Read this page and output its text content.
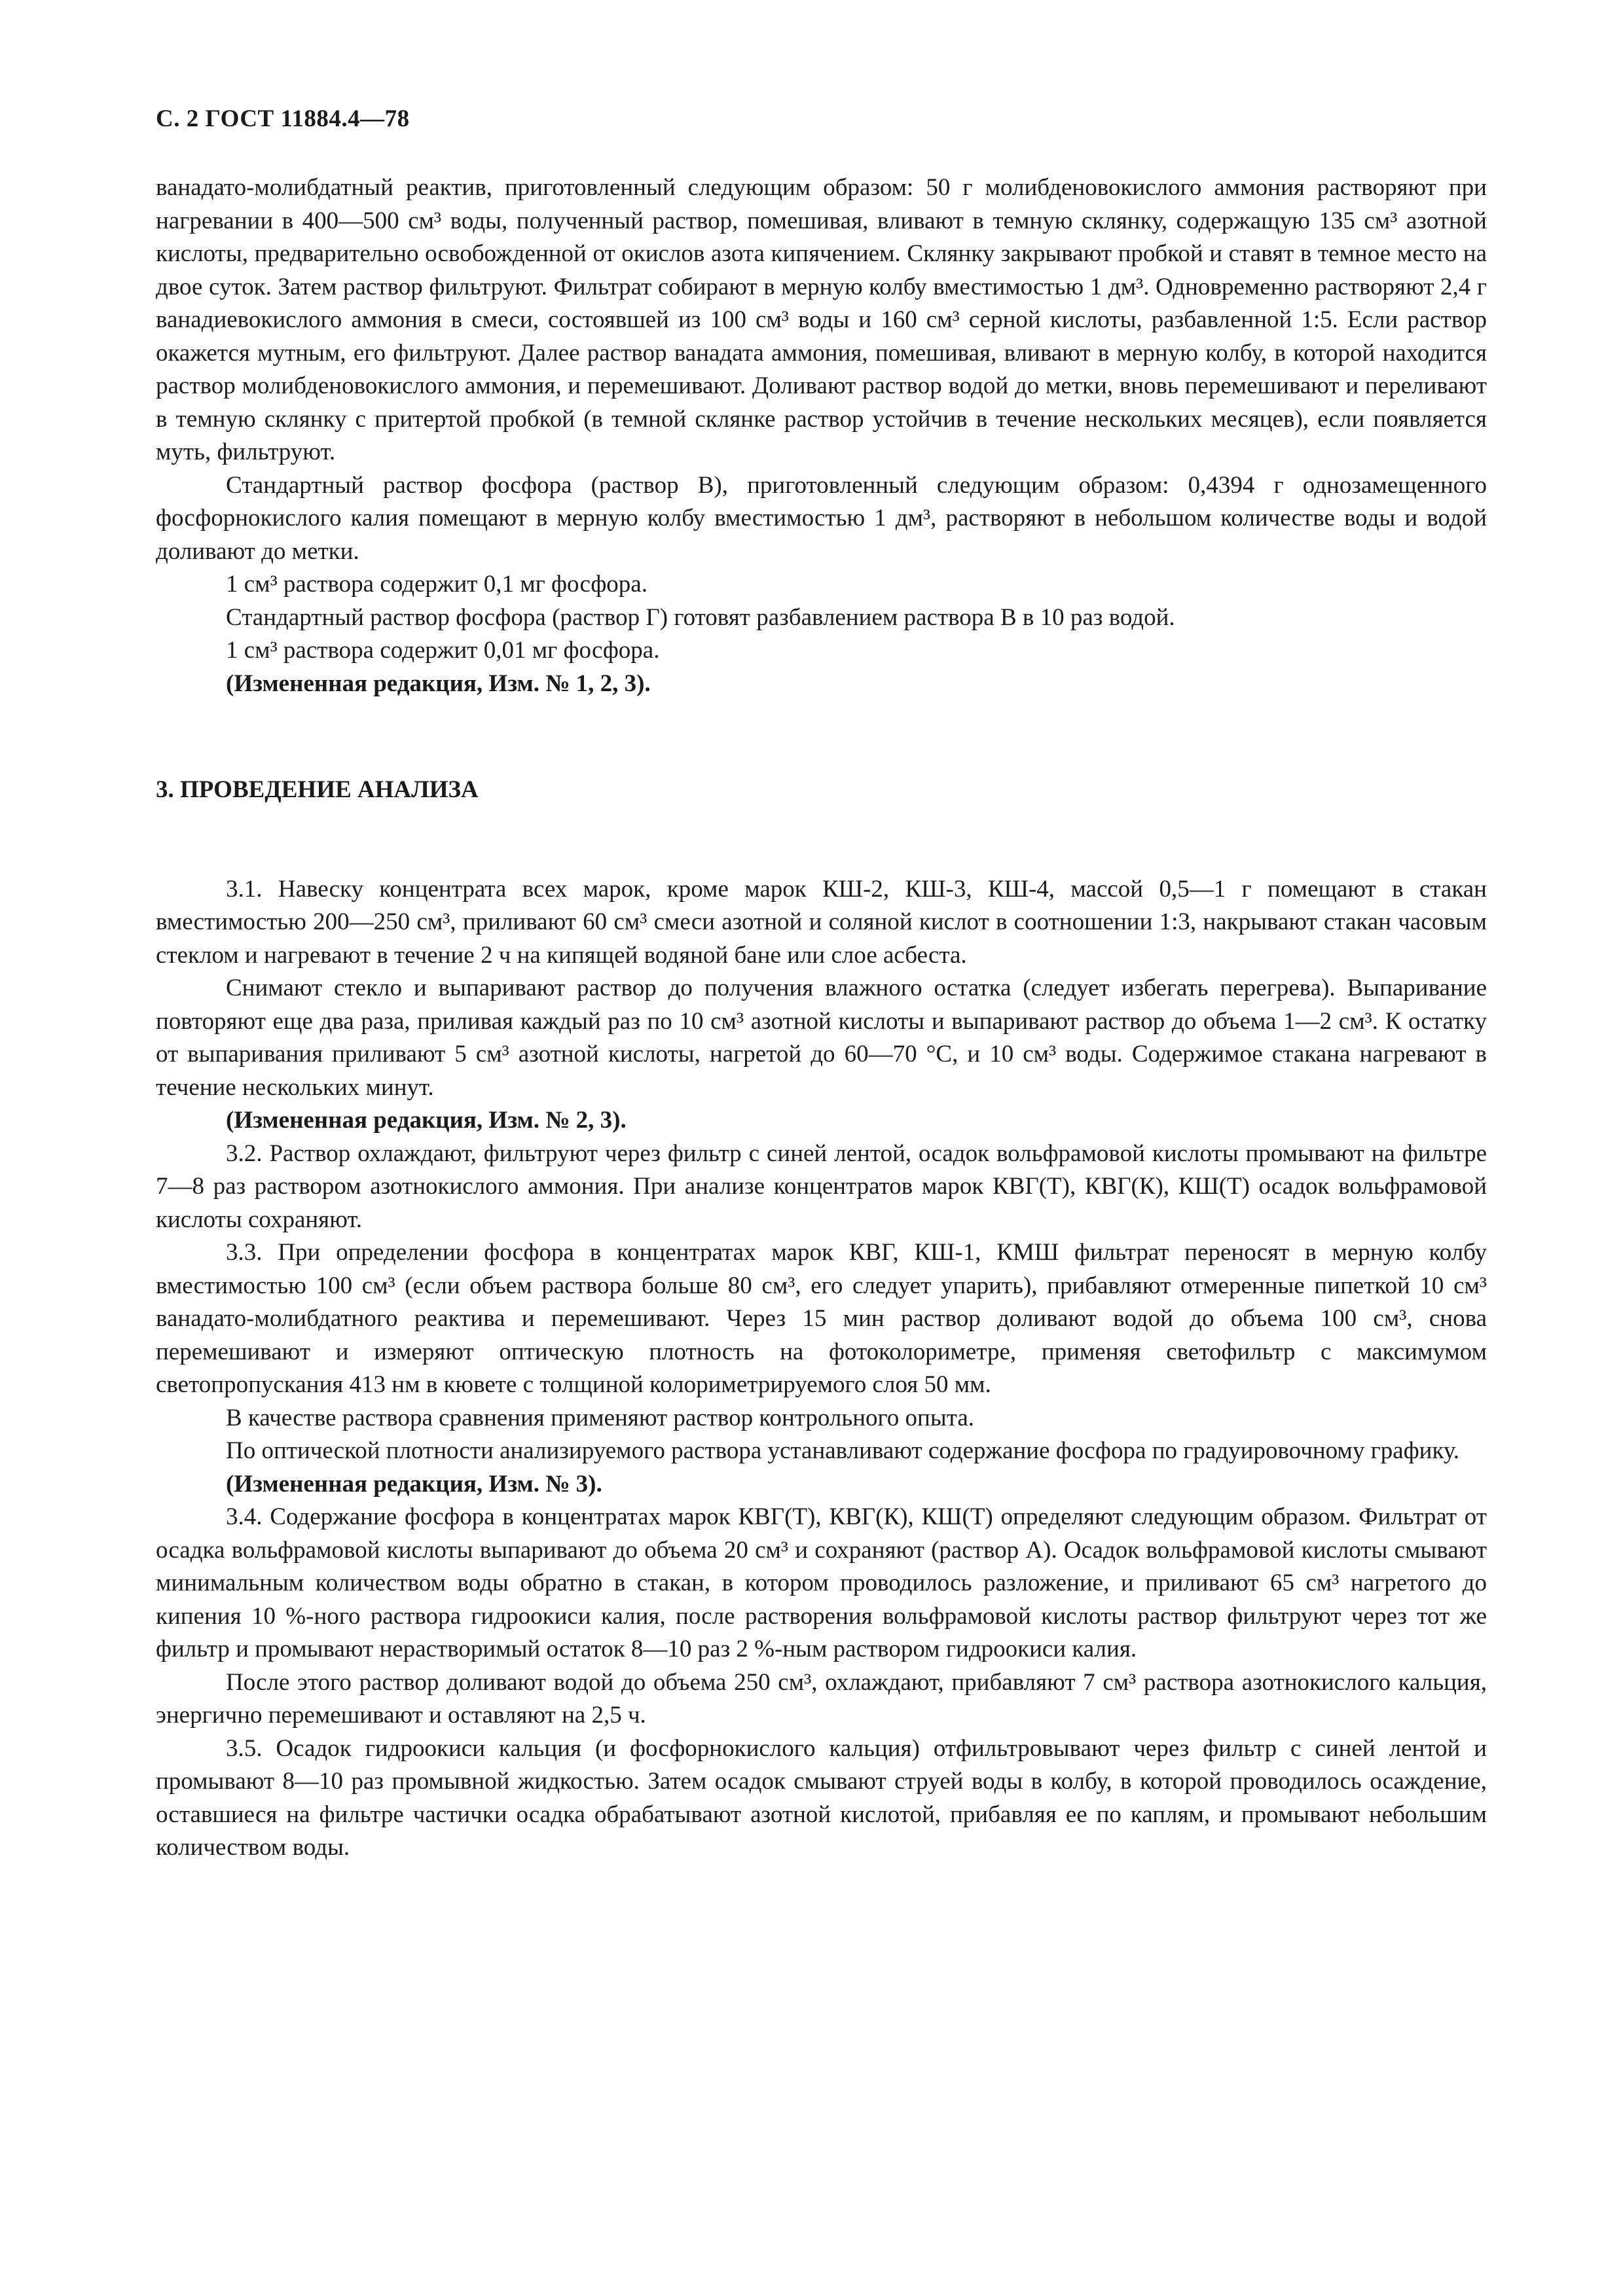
С. 2 ГОСТ 11884.4—78

ванадато-молибдатный реактив, приготовленный следующим образом: 50 г молибденовокислого аммония растворяют при нагревании в 400—500 см³ воды, полученный раствор, помешивая, вливают в темную склянку, содержащую 135 см³ азотной кислоты, предварительно освобожденной от окислов азота кипячением. Склянку закрывают пробкой и ставят в темное место на двое суток. Затем раствор фильтруют. Фильтрат собирают в мерную колбу вместимостью 1 дм³. Одновременно растворяют 2,4 г ванадиевокислого аммония в смеси, состоявшей из 100 см³ воды и 160 см³ серной кислоты, разбавленной 1:5. Если раствор окажется мутным, его фильтруют. Далее раствор ванадата аммония, помешивая, вливают в мерную колбу, в которой находится раствор молибденовокислого аммония, и перемешивают. Доливают раствор водой до метки, вновь перемешивают и переливают в темную склянку с притертой пробкой (в темной склянке раствор устойчив в течение нескольких месяцев), если появляется муть, фильтруют.

Стандартный раствор фосфора (раствор В), приготовленный следующим образом: 0,4394 г однозамещенного фосфорнокислого калия помещают в мерную колбу вместимостью 1 дм³, растворяют в небольшом количестве воды и водой доливают до метки.

1 см³ раствора содержит 0,1 мг фосфора.

Стандартный раствор фосфора (раствор Г) готовят разбавлением раствора В в 10 раз водой.

1 см³ раствора содержит 0,01 мг фосфора.

(Измененная редакция, Изм. № 1, 2, 3).

3. ПРОВЕДЕНИЕ АНАЛИЗА

3.1. Навеску концентрата всех марок, кроме марок КШ-2, КШ-3, КШ-4, массой 0,5—1 г помещают в стакан вместимостью 200—250 см³, приливают 60 см³ смеси азотной и соляной кислот в соотношении 1:3, накрывают стакан часовым стеклом и нагревают в течение 2 ч на кипящей водяной бане или слое асбеста.

Снимают стекло и выпаривают раствор до получения влажного остатка (следует избегать перегрева). Выпаривание повторяют еще два раза, приливая каждый раз по 10 см³ азотной кислоты и выпаривают раствор до объема 1—2 см³. К остатку от выпаривания приливают 5 см³ азотной кислоты, нагретой до 60—70 °С, и 10 см³ воды. Содержимое стакана нагревают в течение нескольких минут.

(Измененная редакция, Изм. № 2, 3).

3.2. Раствор охлаждают, фильтруют через фильтр с синей лентой, осадок вольфрамовой кислоты промывают на фильтре 7—8 раз раствором азотнокислого аммония. При анализе концентратов марок КВГ(Т), КВГ(К), КШ(Т) осадок вольфрамовой кислоты сохраняют.

3.3. При определении фосфора в концентратах марок КВГ, КШ-1, КМШ фильтрат переносят в мерную колбу вместимостью 100 см³ (если объем раствора больше 80 см³, его следует упарить), прибавляют отмеренные пипеткой 10 см³ ванадато-молибдатного реактива и перемешивают. Через 15 мин раствор доливают водой до объема 100 см³, снова перемешивают и измеряют оптическую плотность на фотоколориметре, применяя светофильтр с максимумом светопропускания 413 нм в кювете с толщиной колориметрируемого слоя 50 мм.

В качестве раствора сравнения применяют раствор контрольного опыта.

По оптической плотности анализируемого раствора устанавливают содержание фосфора по градуировочному графику.

(Измененная редакция, Изм. № 3).

3.4. Содержание фосфора в концентратах марок КВГ(Т), КВГ(К), КШ(Т) определяют следующим образом. Фильтрат от осадка вольфрамовой кислоты выпаривают до объема 20 см³ и сохраняют (раствор А). Осадок вольфрамовой кислоты смывают минимальным количеством воды обратно в стакан, в котором проводилось разложение, и приливают 65 см³ нагретого до кипения 10 %-ного раствора гидроокиси калия, после растворения вольфрамовой кислоты раствор фильтруют через тот же фильтр и промывают нерастворимый остаток 8—10 раз 2 %-ным раствором гидроокиси калия.

После этого раствор доливают водой до объема 250 см³, охлаждают, прибавляют 7 см³ раствора азотнокислого кальция, энергично перемешивают и оставляют на 2,5 ч.

3.5. Осадок гидроокиси кальция (и фосфорнокислого кальция) отфильтровывают через фильтр с синей лентой и промывают 8—10 раз промывной жидкостью. Затем осадок смывают струей воды в колбу, в которой проводилось осаждение, оставшиеся на фильтре частички осадка обрабатывают азотной кислотой, прибавляя ее по каплям, и промывают небольшим количеством воды.
